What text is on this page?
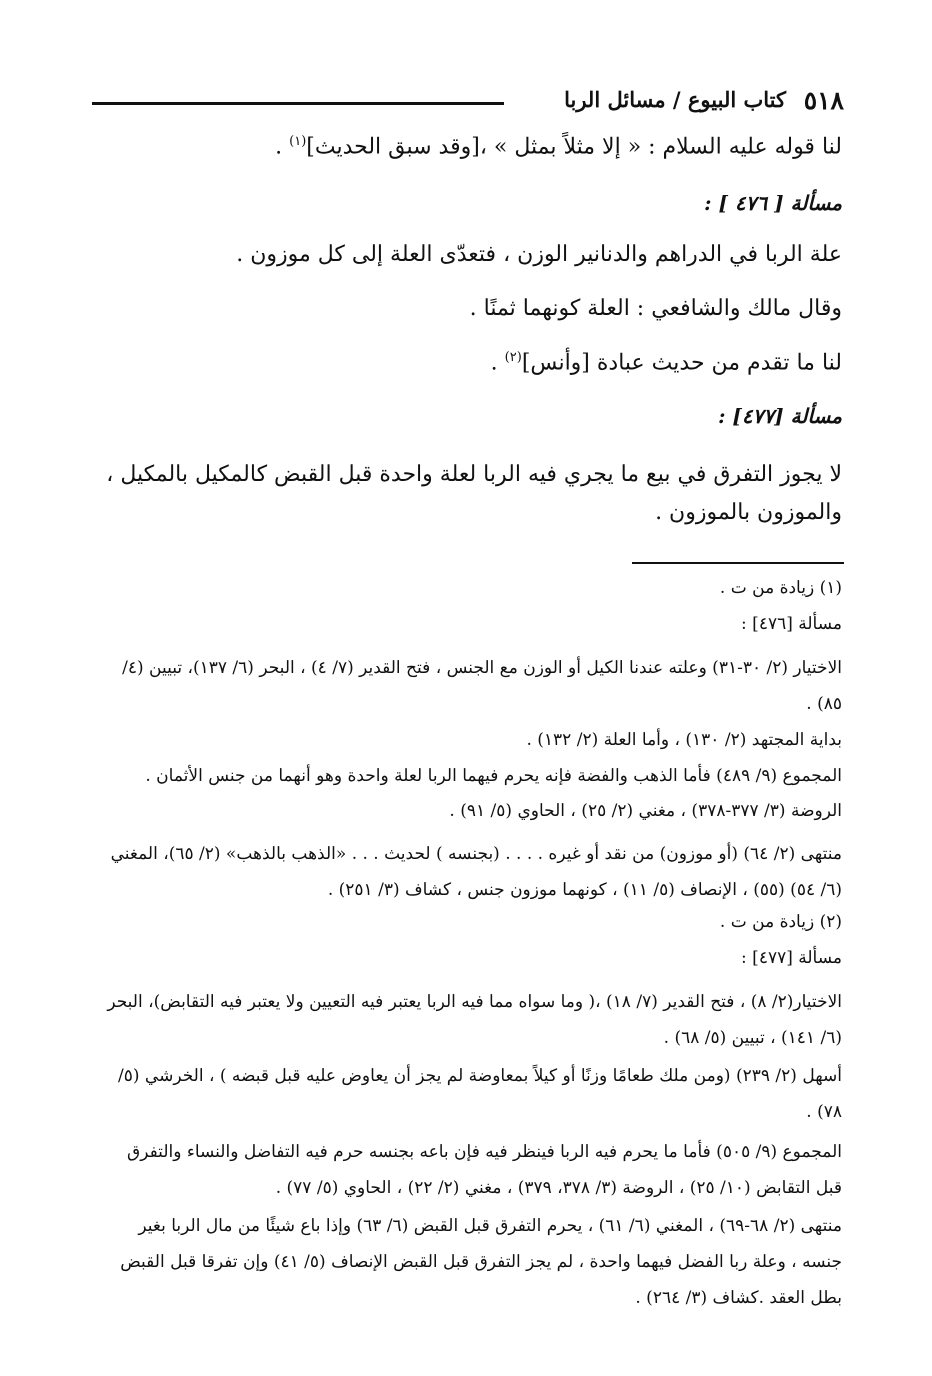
٥١٨
كتاب البيوع / مسائل الربا
لنا قوله عليه السلام : « إلا مثلاً بمثل » ،[وقد سبق الحديث]$^{(١)}$ .
مسألة [ ٤٧٦ ] :
علة الربا في الدراهم والدنانير الوزن ، فتعدّى العلة إلى كل موزون .
وقال مالك والشافعي : العلة كونهما ثمنًا .
لنا ما تقدم من حديث عبادة [وأنس]$^{(٢)}$ .
مسألة [٤٧٧] :
لا يجوز التفرق في بيع ما يجري فيه الربا لعلة واحدة قبل القبض كالمكيل بالمكيل ، والموزون بالموزون .
(١) زيادة من ت .
مسألة [٤٧٦] :
الاختيار (٢/ ٣٠-٣١) وعلته عندنا الكيل أو الوزن مع الجنس ، فتح القدير (٧/ ٤) ، البحر (٦/ ١٣٧)، تبيين (٤/ ٨٥) .
بداية المجتهد (٢/ ١٣٠) ، وأما العلة (٢/ ١٣٢) .
المجموع (٩/ ٤٨٩) فأما الذهب والفضة فإنه يحرم فيهما الربا لعلة واحدة وهو أنهما من جنس الأثمان .
الروضة (٣/ ٣٧٧-٣٧٨) ، مغني (٢/ ٢٥) ، الحاوي (٥/ ٩١) .
منتهى (٢/ ٦٤) (أو موزون) من نقد أو غيره . . . . (بجنسه ) لحديث . . . «الذهب بالذهب» (٢/ ٦٥)، المغني (٦/ ٥٤) (٥٥) ، الإنصاف (٥/ ١١) ، كونهما موزون جنس ، كشاف (٣/ ٢٥١) .
(٢) زيادة من ت .
مسألة [٤٧٧] :
الاختيار(٢/ ٨) ، فتح القدير (٧/ ١٨) ،( وما سواه مما فيه الربا يعتبر فيه التعيين ولا يعتبر فيه التقابض)، البحر (٦/ ١٤١) ، تبيين (٥/ ٦٨) .
أسهل (٢/ ٢٣٩) (ومن ملك طعامًا وزنًا أو كيلاً بمعاوضة لم يجز أن يعاوض عليه قبل قبضه ) ، الخرشي (٥/ ٧٨) .
المجموع (٩/ ٥٠٥) فأما ما يحرم فيه الربا فينظر فيه فإن باعه بجنسه حرم فيه التفاضل والنساء والتفرق قبل التقابض (١٠/ ٢٥) ، الروضة (٣/ ٣٧٨، ٣٧٩) ، مغني (٢/ ٢٢) ، الحاوي (٥/ ٧٧) .
منتهى (٢/ ٦٨-٦٩) ، المغني (٦/ ٦١) ، يحرم التفرق قبل القبض (٦/ ٦٣) وإذا باع شيئًا من مال الربا بغير جنسه ، وعلة ربا الفضل فيهما واحدة ، لم يجز التفرق قبل القبض الإنصاف (٥/ ٤١) وإن تفرقا قبل القبض بطل العقد .كشاف (٣/ ٢٦٤) .
